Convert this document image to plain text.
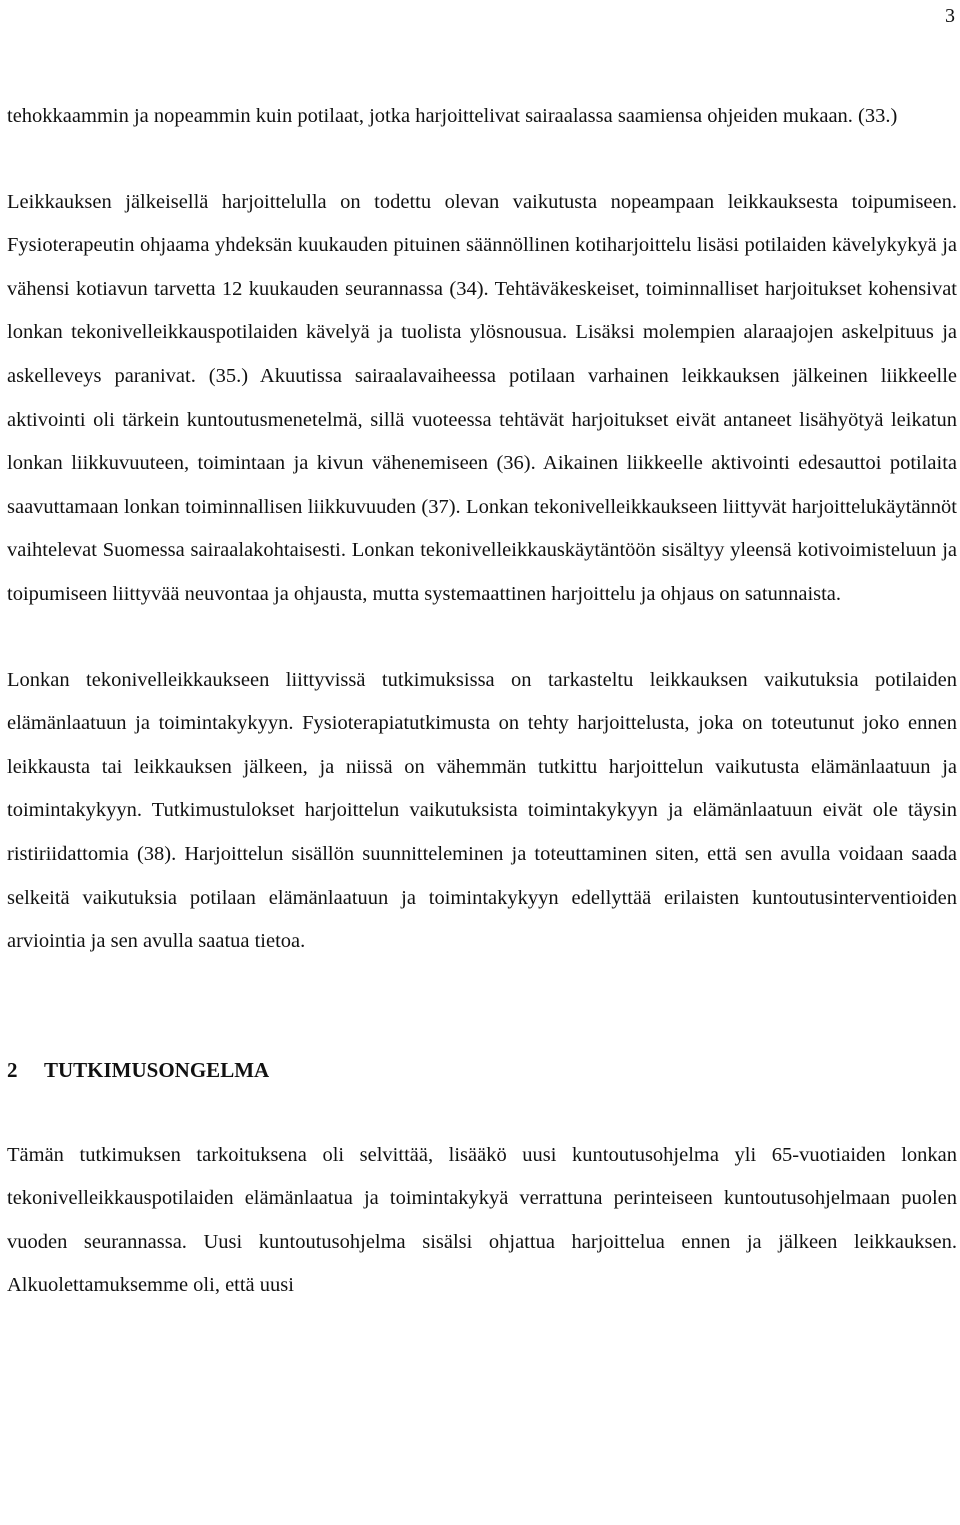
3

tehokkaammin ja nopeammin kuin potilaat, jotka harjoittelivat sairaalassa saamiensa ohjeiden mukaan. (33.)

Leikkauksen jälkeisellä harjoittelulla on todettu olevan vaikutusta nopeampaan leikkauksesta toipumiseen. Fysioterapeutin ohjaama yhdeksän kuukauden pituinen säännöllinen kotiharjoittelu lisäsi potilaiden kävelykykyä ja vähensi kotiavun tarvetta 12 kuukauden seurannassa (34). Tehtäväkeskeiset, toiminnalliset harjoitukset kohensivat lonkan tekonivelleikkauspotilaiden kävelyä ja tuolista ylösnousua. Lisäksi molempien alaraajojen askelpituus ja askelleveys paranivat. (35.) Akuutissa sairaalavaiheessa potilaan varhainen leikkauksen jälkeinen liikkeelle aktivointi oli tärkein kuntoutusmenetelmä, sillä vuoteessa tehtävät harjoitukset eivät antaneet lisähyötyä leikatun lonkan liikkuvuuteen, toimintaan ja kivun vähenemiseen (36). Aikainen liikkeelle aktivointi edesauttoi potilaita saavuttamaan lonkan toiminnallisen liikkuvuuden (37). Lonkan tekonivelleikkaukseen liittyvät harjoittelukäytännöt vaihtelevat Suomessa sairaalakohtaisesti. Lonkan tekonivelleikkauskäytäntöön sisältyy yleensä kotivoimisteluun ja toipumiseen liittyvää neuvontaa ja ohjausta, mutta systemaattinen harjoittelu ja ohjaus on satunnaista.

Lonkan tekonivelleikkaukseen liittyvissä tutkimuksissa on tarkasteltu leikkauksen vaikutuksia potilaiden elämänlaatuun ja toimintakykyyn. Fysioterapiatutkimusta on tehty harjoittelusta, joka on toteutunut joko ennen leikkausta tai leikkauksen jälkeen, ja niissä on vähemmän tutkittu harjoittelun vaikutusta elämänlaatuun ja toimintakykyyn. Tutkimustulokset harjoittelun vaikutuksista toimintakykyyn ja elämänlaatuun eivät ole täysin ristiriidattomia (38). Harjoittelun sisällön suunnitteleminen ja toteuttaminen siten, että sen avulla voidaan saada selkeitä vaikutuksia potilaan elämänlaatuun ja toimintakykyyn edellyttää erilaisten kuntoutusinterventioiden arviointia ja sen avulla saatua tietoa.

2 TUTKIMUSONGELMA

Tämän tutkimuksen tarkoituksena oli selvittää, lisääkö uusi kuntoutusohjelma yli 65-vuotiaiden lonkan tekonivelleikkauspotilaiden elämänlaatua ja toimintakykyä verrattuna perinteiseen kuntoutusohjelmaan puolen vuoden seurannassa. Uusi kuntoutusohjelma sisälsi ohjattua harjoittelua ennen ja jälkeen leikkauksen. Alkuolettamuksemme oli, että uusi
